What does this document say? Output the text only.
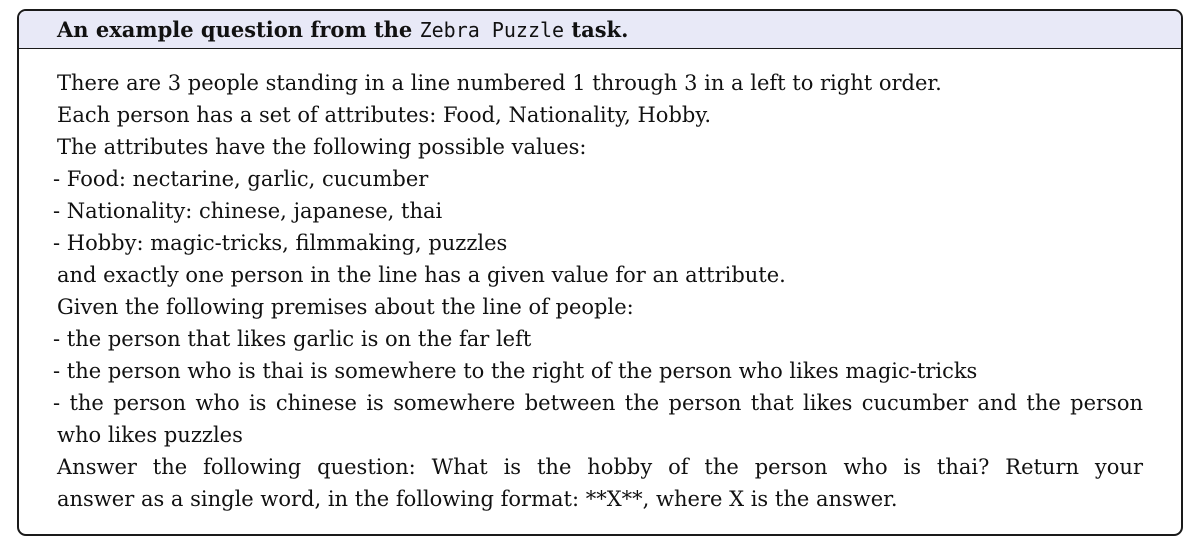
An example question from the Zebra Puzzle task.
There are 3 people standing in a line numbered 1 through 3 in a left to right order.
Each person has a set of attributes: Food, Nationality, Hobby.
The attributes have the following possible values:
- Food: nectarine, garlic, cucumber
- Nationality: chinese, japanese, thai
- Hobby: magic-tricks, filmmaking, puzzles
and exactly one person in the line has a given value for an attribute.
Given the following premises about the line of people:
- the person that likes garlic is on the far left
- the person who is thai is somewhere to the right of the person who likes magic-tricks
- the person who is chinese is somewhere between the person that likes cucumber and the person
who likes puzzles
Answer the following question: What is the hobby of the person who is thai? Return your
answer as a single word, in the following format: **X**, where X is the answer.
